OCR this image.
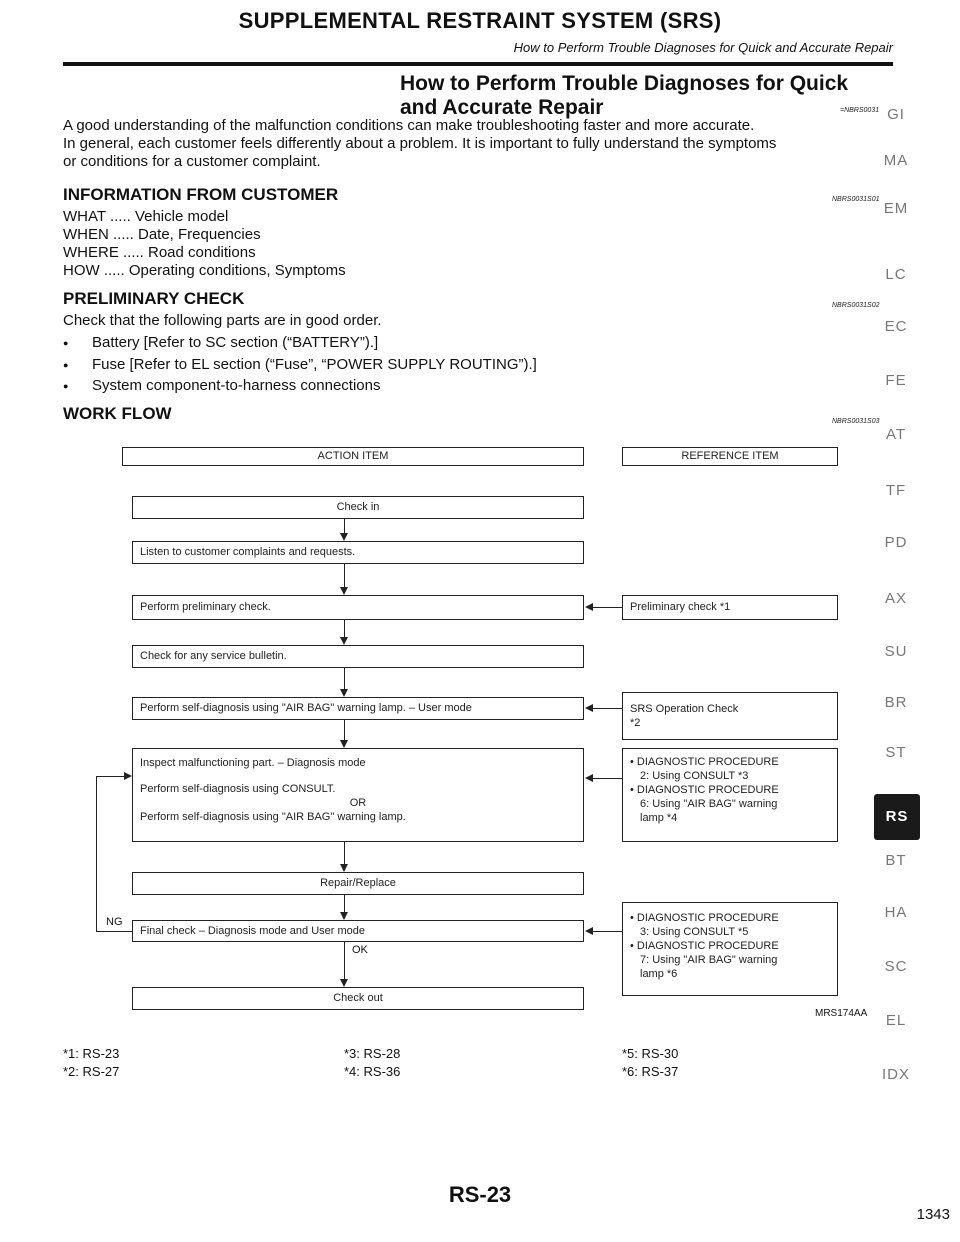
SUPPLEMENTAL RESTRAINT SYSTEM (SRS)
How to Perform Trouble Diagnoses for Quick and Accurate Repair
How to Perform Trouble Diagnoses for Quick
and Accurate Repair	=NBRS0031
A good understanding of the malfunction conditions can make troubleshooting faster and more accurate.
In general, each customer feels differently about a problem. It is important to fully understand the symptoms
or conditions for a customer complaint.
INFORMATION FROM CUSTOMER	NBRS0031S01
WHAT ..... Vehicle model
WHEN ..... Date, Frequencies
WHERE ..... Road conditions
HOW ..... Operating conditions, Symptoms
PRELIMINARY CHECK	NBRS0031S02
Check that the following parts are in good order.
● Battery [Refer to SC section (“BATTERY”).]
● Fuse [Refer to EL section (“Fuse”, “POWER SUPPLY ROUTING”).]
● System component-to-harness connections
WORK FLOW	NBRS0031S03
ACTION ITEM	REFERENCE ITEM
Check in
Listen to customer complaints and requests.
Perform preliminary check.
Check for any service bulletin.
Perform self-diagnosis using "AIR BAG" warning lamp. – User mode
Inspect malfunctioning part. – Diagnosis mode
Perform self-diagnosis using CONSULT.
OR
Perform self-diagnosis using "AIR BAG" warning lamp.
Repair/Replace
Final check – Diagnosis mode and User mode
Check out
Preliminary check *1
SRS Operation Check
*2
• DIAGNOSTIC PROCEDURE
2: Using CONSULT *3
• DIAGNOSTIC PROCEDURE
6: Using "AIR BAG" warning
lamp *4
• DIAGNOSTIC PROCEDURE
3: Using CONSULT *5
• DIAGNOSTIC PROCEDURE
7: Using "AIR BAG" warning
lamp *6
OK
NG
MRS174AA
*1: RS-23
*2: RS-27
*3: RS-28
*4: RS-36
*5: RS-30
*6: RS-37
GI
MA
EM
LC
EC
FE
AT
TF
PD
AX
SU
BR
ST
RS
BT
HA
SC
EL
IDX
RS-23
1343
